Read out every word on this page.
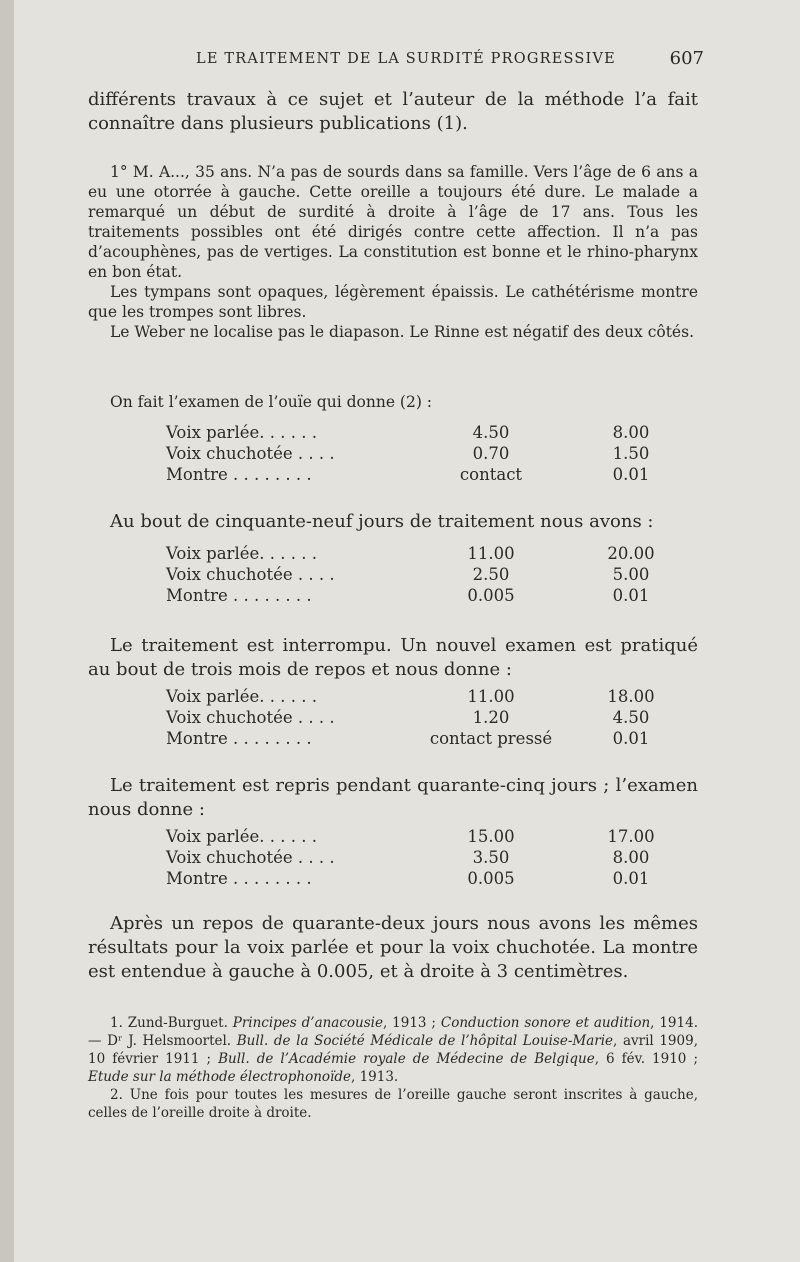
LE TRAITEMENT DE LA SURDITÉ PROGRESSIVE	607

différents travaux à ce sujet et l’auteur de la méthode l’a fait connaître dans plusieurs publications (1).

1° M. A..., 35 ans. N’a pas de sourds dans sa famille. Vers l’âge de 6 ans a eu une otorrée à gauche. Cette oreille a toujours été dure. Le malade a remarqué un début de surdité à droite à l’âge de 17 ans. Tous les traitements possibles ont été dirigés contre cette affection. Il n’a pas d’acouphènes, pas de vertiges. La constitution est bonne et le rhino-pharynx en bon état.

Les tympans sont opaques, légèrement épaissis. Le cathétérisme montre que les trompes sont libres.

Le Weber ne localise pas le diapason. Le Rinne est négatif des deux côtés.

On fait l’examen de l’ouïe qui donne (2) :

Voix parlée. . . . . .	4.50	8.00
Voix chuchotée . . . .	0.70	1.50
Montre . . . . . . . .	contact	0.01

Au bout de cinquante-neuf jours de traitement nous avons :

Voix parlée. . . . . .	11.00	20.00
Voix chuchotée . . . .	2.50	5.00
Montre . . . . . . . .	0.005	0.01

Le traitement est interrompu. Un nouvel examen est pratiqué au bout de trois mois de repos et nous donne :

Voix parlée. . . . . .	11.00	18.00
Voix chuchotée . . . .	1.20	4.50
Montre . . . . . . . .	contact pressé	0.01

Le traitement est repris pendant quarante-cinq jours ; l’examen nous donne :

Voix parlée. . . . . .	15.00	17.00
Voix chuchotée . . . .	3.50	8.00
Montre . . . . . . . .	0.005	0.01

Après un repos de quarante-deux jours nous avons les mêmes résultats pour la voix parlée et pour la voix chuchotée. La montre est entendue à gauche à 0.005, et à droite à 3 centimètres.

1. Zund-Burguet. Principes d’anacousie, 1913 ; Conduction sonore et audition, 1914. — Dʳ J. Helsmoortel. Bull. de la Société Médicale de l’hôpital Louise-Marie, avril 1909, 10 février 1911 ; Bull. de l’Académie royale de Médecine de Belgique, 6 fév. 1910 ; Etude sur la méthode électrophonoïde, 1913.

2. Une fois pour toutes les mesures de l’oreille gauche seront inscrites à gauche, celles de l’oreille droite à droite.
